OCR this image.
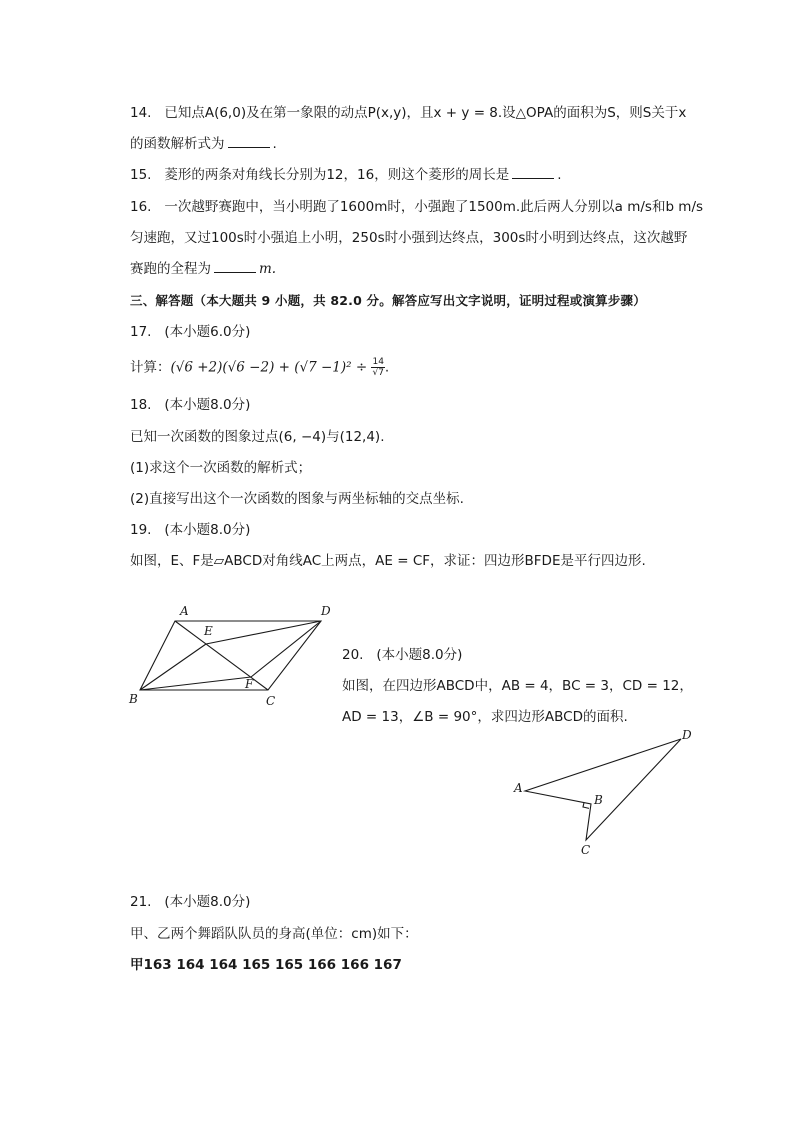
14.   已知点A(6,0)及在第一象限的动点P(x,y)，且x + y = 8.设△OPA的面积为S，则S关于x
的函数解析式为	.
15.   菱形的两条对角线长分别为12，16，则这个菱形的周长是	.
16.   一次越野赛跑中，当小明跑了1600m时，小强跑了1500m.此后两人分别以a m/s和b m/s
匀速跑，又过100s时小强追上小明，250s时小强到达终点，300s时小明到达终点，这次越野
赛跑的全程为	m.
三、解答题（本大题共 9 小题，共 82.0 分。解答应写出文字说明，证明过程或演算步骤）
17.   (本小题6.0分)
计算：$(√6 +2)(√6 -2) + (√7 -1)^2 \div \frac{14}{√7}$ .
18.   (本小题8.0分)
已知一次函数的图象过点(6, −4)与(12,4).
(1)求这个一次函数的解析式；
(2)直接写出这个一次函数的图象与两坐标轴的交点坐标.
19.   (本小题8.0分)
如图，E、F是▱ABCD对角线AC上两点，AE = CF，求证：四边形BFDE是平行四边形.
A	D
E
F
B	C
20.   (本小题8.0分)
如图，在四边形ABCD中，AB = 4，BC = 3，CD = 12，
AD = 13，∠B = 90°，求四边形ABCD的面积.
A
B
C
D
21.   (本小题8.0分)
甲、乙两个舞蹈队队员的身高(单位：cm)如下：
甲163 164 164 165 165 166 166 167
